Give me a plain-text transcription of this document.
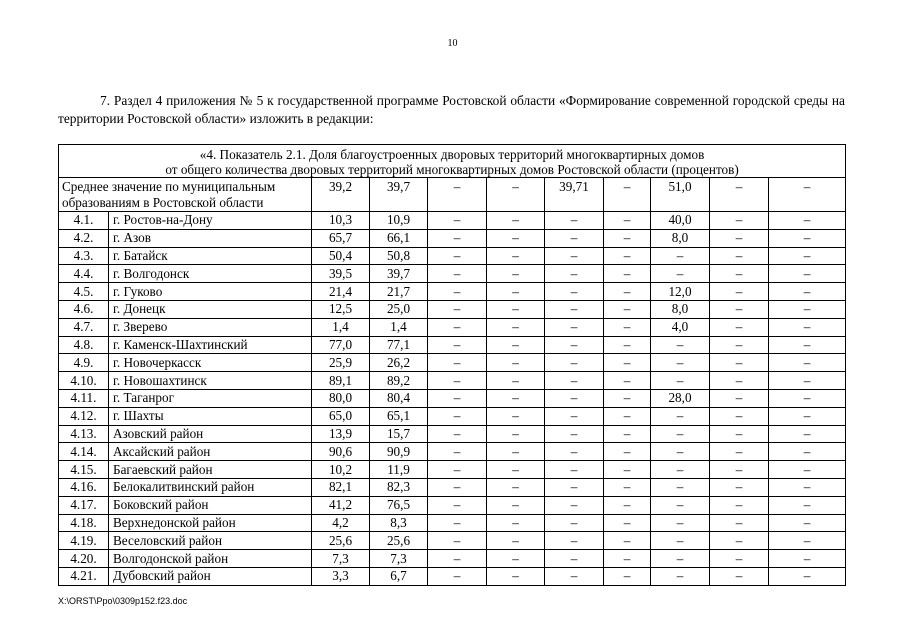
10
7. Раздел 4 приложения № 5 к государственной программе Ростовской области «Формирование современной городской среды на территории Ростовской области» изложить в редакции:
«4. Показатель 2.1. Доля благоустроенных дворовых территорий многоквартирных домов
от общего количества дворовых территорий многоквартирных домов Ростовской области (процентов)										

Среднее значение по муниципальным образованиям в Ростовской области		39,2	39,7	–	–	39,71	–	51,0	–	–
4.1.	г. Ростов-на-Дону	10,3	10,9	–	–	–	–	40,0	–	–
4.2.	г. Азов	65,7	66,1	–	–	–	–	8,0	–	–
4.3.	г. Батайск	50,4	50,8	–	–	–	–	–	–	–
4.4.	г. Волгодонск	39,5	39,7	–	–	–	–	–	–	–
4.5.	г. Гуково	21,4	21,7	–	–	–	–	12,0	–	–
4.6.	г. Донецк	12,5	25,0	–	–	–	–	8,0	–	–
4.7.	г. Зверево	1,4	1,4	–	–	–	–	4,0	–	–
4.8.	г. Каменск-Шахтинский	77,0	77,1	–	–	–	–	–	–	–
4.9.	г. Новочеркасск	25,9	26,2	–	–	–	–	–	–	–
4.10.	г. Новошахтинск	89,1	89,2	–	–	–	–	–	–	–
4.11.	г. Таганрог	80,0	80,4	–	–	–	–	28,0	–	–
4.12.	г. Шахты	65,0	65,1	–	–	–	–	–	–	–
4.13.	Азовский район	13,9	15,7	–	–	–	–	–	–	–
4.14.	Аксайский район	90,6	90,9	–	–	–	–	–	–	–
4.15.	Багаевский район	10,2	11,9	–	–	–	–	–	–	–
4.16.	Белокалитвинский район	82,1	82,3	–	–	–	–	–	–	–
4.17.	Боковский район	41,2	76,5	–	–	–	–	–	–	–
4.18.	Верхнедонской район	4,2	8,3	–	–	–	–	–	–	–
4.19.	Веселовский район	25,6	25,6	–	–	–	–	–	–	–
4.20.	Волгодонской район	7,3	7,3	–	–	–	–	–	–	–
4.21.	Дубовский район	3,3	6,7	–	–	–	–	–	–	–
X:\ORST\Ppo\0309p152.f23.doc
